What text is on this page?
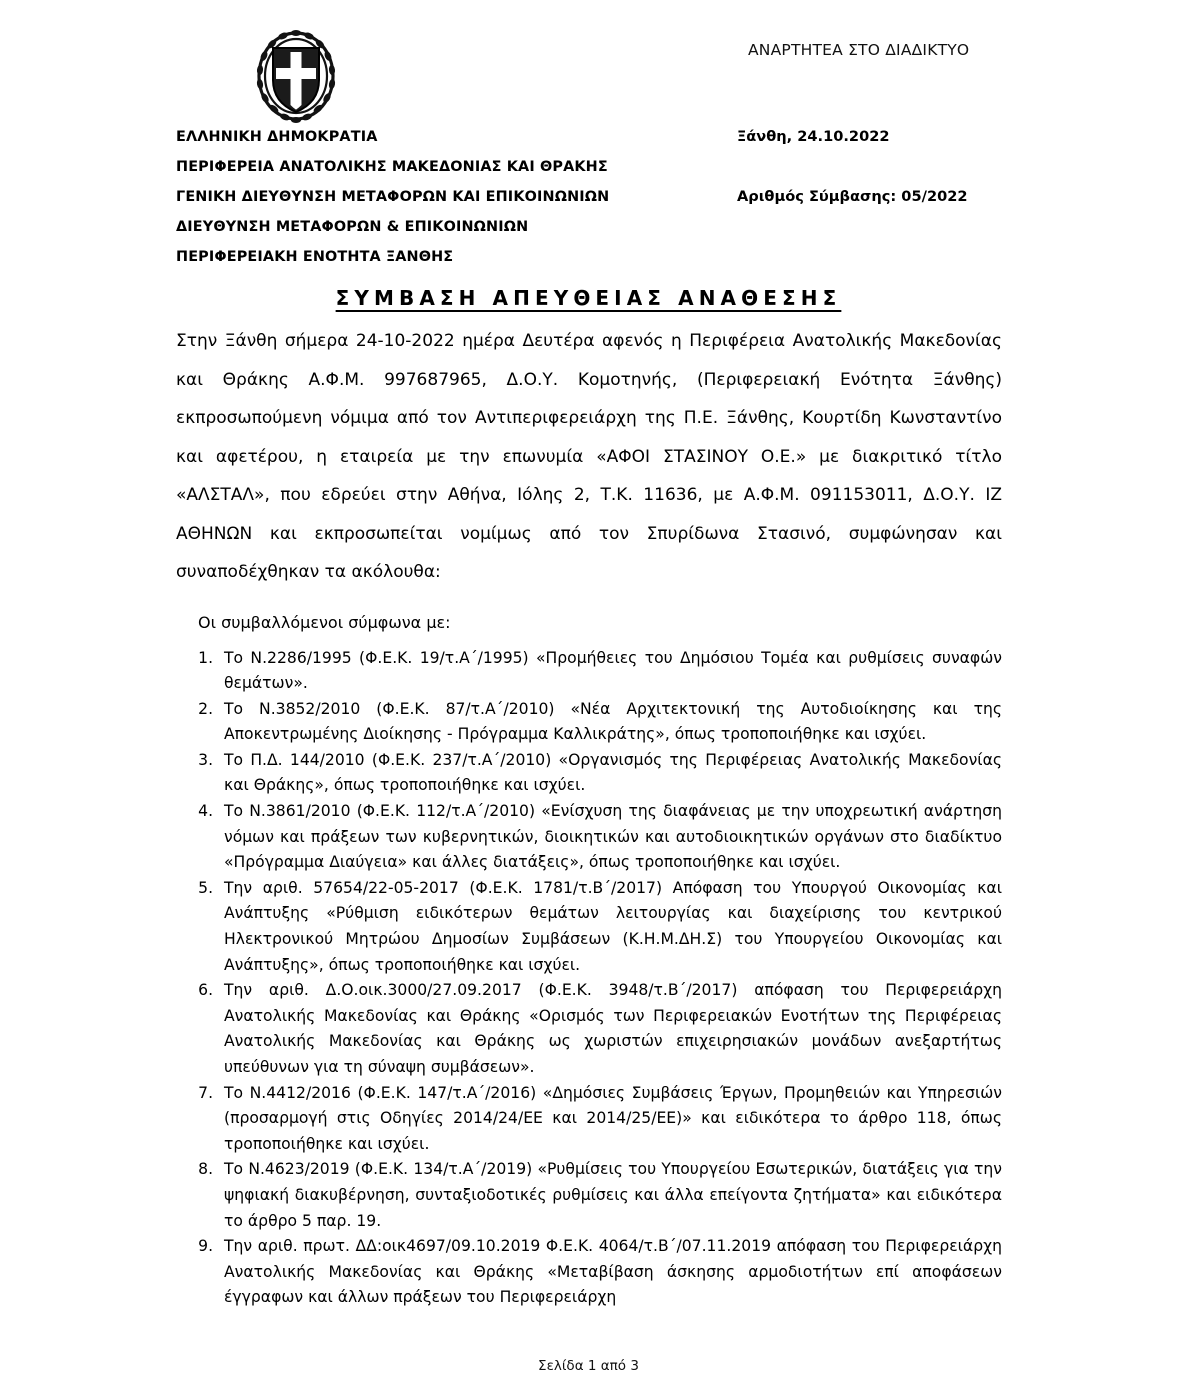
ΑΝΑΡΤΗΤΕΑ ΣΤΟ ΔΙΑΔΙΚΤΥΟ
ΕΛΛΗΝΙΚΗ ΔΗΜΟΚΡΑΤΙΑ
ΠΕΡΙΦΕΡΕΙΑ ΑΝΑΤΟΛΙΚΗΣ ΜΑΚΕΔΟΝΙΑΣ ΚΑΙ ΘΡΑΚΗΣ
ΓΕΝΙΚΗ ΔΙΕΥΘΥΝΣΗ ΜΕΤΑΦΟΡΩΝ ΚΑΙ ΕΠΙΚΟΙΝΩΝΙΩΝ
ΔΙΕΥΘΥΝΣΗ ΜΕΤΑΦΟΡΩΝ & ΕΠΙΚΟΙΝΩΝΙΩΝ
ΠΕΡΙΦΕΡΕΙΑΚΗ ΕΝΟΤΗΤΑ ΞΑΝΘΗΣ
Ξάνθη, 24.10.2022
Αριθμός Σύμβασης: 05/2022
ΣΥΜΒΑΣΗ ΑΠΕΥΘΕΙΑΣ ΑΝΑΘΕΣΗΣ

Στην Ξάνθη σήμερα 24-10-2022 ημέρα Δευτέρα αφενός η Περιφέρεια Ανατολικής Μακεδονίας και Θράκης Α.Φ.Μ. 997687965, Δ.Ο.Υ. Κομοτηνής, (Περιφερειακή Ενότητα Ξάνθης) εκπροσωπούμενη νόμιμα από τον Αντιπεριφερειάρχη της Π.Ε. Ξάνθης, Κουρτίδη Κωνσταντίνο και αφετέρου, η εταιρεία με την επωνυμία «ΑΦΟΙ ΣΤΑΣΙΝΟΥ Ο.Ε.» με διακριτικό τίτλο «ΑΛΣΤΑΛ», που εδρεύει στην Αθήνα, Ιόλης 2, Τ.Κ. 11636, με Α.Φ.Μ. 091153011, Δ.Ο.Υ. ΙΖ ΑΘΗΝΩΝ και εκπροσωπείται νομίμως από τον Σπυρίδωνα Στασινό, συμφώνησαν και συναποδέχθηκαν τα ακόλουθα:

Οι συμβαλλόμενοι σύμφωνα με:

1. Το Ν.2286/1995 (Φ.Ε.Κ. 19/τ.Α΄/1995) «Προμήθειες του Δημόσιου Τομέα και ρυθμίσεις συναφών θεμάτων».
2. Το Ν.3852/2010 (Φ.Ε.Κ. 87/τ.Α΄/2010) «Νέα Αρχιτεκτονική της Αυτοδιοίκησης και της Αποκεντρωμένης Διοίκησης - Πρόγραμμα Καλλικράτης», όπως τροποποιήθηκε και ισχύει.
3. Το Π.Δ. 144/2010 (Φ.Ε.Κ. 237/τ.Α΄/2010) «Οργανισμός της Περιφέρειας Ανατολικής Μακεδονίας και Θράκης», όπως τροποποιήθηκε και ισχύει.
4. Το Ν.3861/2010 (Φ.Ε.Κ. 112/τ.Α΄/2010) «Ενίσχυση της διαφάνειας με την υποχρεωτική ανάρτηση νόμων και πράξεων των κυβερνητικών, διοικητικών και αυτοδιοικητικών οργάνων στο διαδίκτυο «Πρόγραμμα Διαύγεια» και άλλες διατάξεις», όπως τροποποιήθηκε και ισχύει.
5. Την αριθ. 57654/22-05-2017 (Φ.Ε.Κ. 1781/τ.Β΄/2017) Απόφαση του Υπουργού Οικονομίας και Ανάπτυξης «Ρύθμιση ειδικότερων θεμάτων λειτουργίας και διαχείρισης του κεντρικού Ηλεκτρονικού Μητρώου Δημοσίων Συμβάσεων (Κ.Η.Μ.ΔΗ.Σ) του Υπουργείου Οικονομίας και Ανάπτυξης», όπως τροποποιήθηκε και ισχύει.
6. Την αριθ. Δ.Ο.οικ.3000/27.09.2017 (Φ.Ε.Κ. 3948/τ.Β΄/2017) απόφαση του Περιφερειάρχη Ανατολικής Μακεδονίας και Θράκης «Ορισμός των Περιφερειακών Ενοτήτων της Περιφέρειας Ανατολικής Μακεδονίας και Θράκης ως χωριστών επιχειρησιακών μονάδων ανεξαρτήτως υπεύθυνων για τη σύναψη συμβάσεων».
7. Το Ν.4412/2016 (Φ.Ε.Κ. 147/τ.Α΄/2016) «Δημόσιες Συμβάσεις Έργων, Προμηθειών και Υπηρεσιών (προσαρμογή στις Οδηγίες 2014/24/ΕΕ και 2014/25/ΕΕ)» και ειδικότερα το άρθρο 118, όπως τροποποιήθηκε και ισχύει.
8. Το Ν.4623/2019 (Φ.Ε.Κ. 134/τ.Α΄/2019) «Ρυθμίσεις του Υπουργείου Εσωτερικών, διατάξεις για την ψηφιακή διακυβέρνηση, συνταξιοδοτικές ρυθμίσεις και άλλα επείγοντα ζητήματα» και ειδικότερα το άρθρο 5 παρ. 19.
9. Την αριθ. πρωτ. ΔΔ:οικ4697/09.10.2019 Φ.Ε.Κ. 4064/τ.Β΄/07.11.2019 απόφαση του Περιφερειάρχη Ανατολικής Μακεδονίας και Θράκης «Μεταβίβαση άσκησης αρμοδιοτήτων επί αποφάσεων έγγραφων και άλλων πράξεων του Περιφερειάρχη
Σελίδα 1 από 3
